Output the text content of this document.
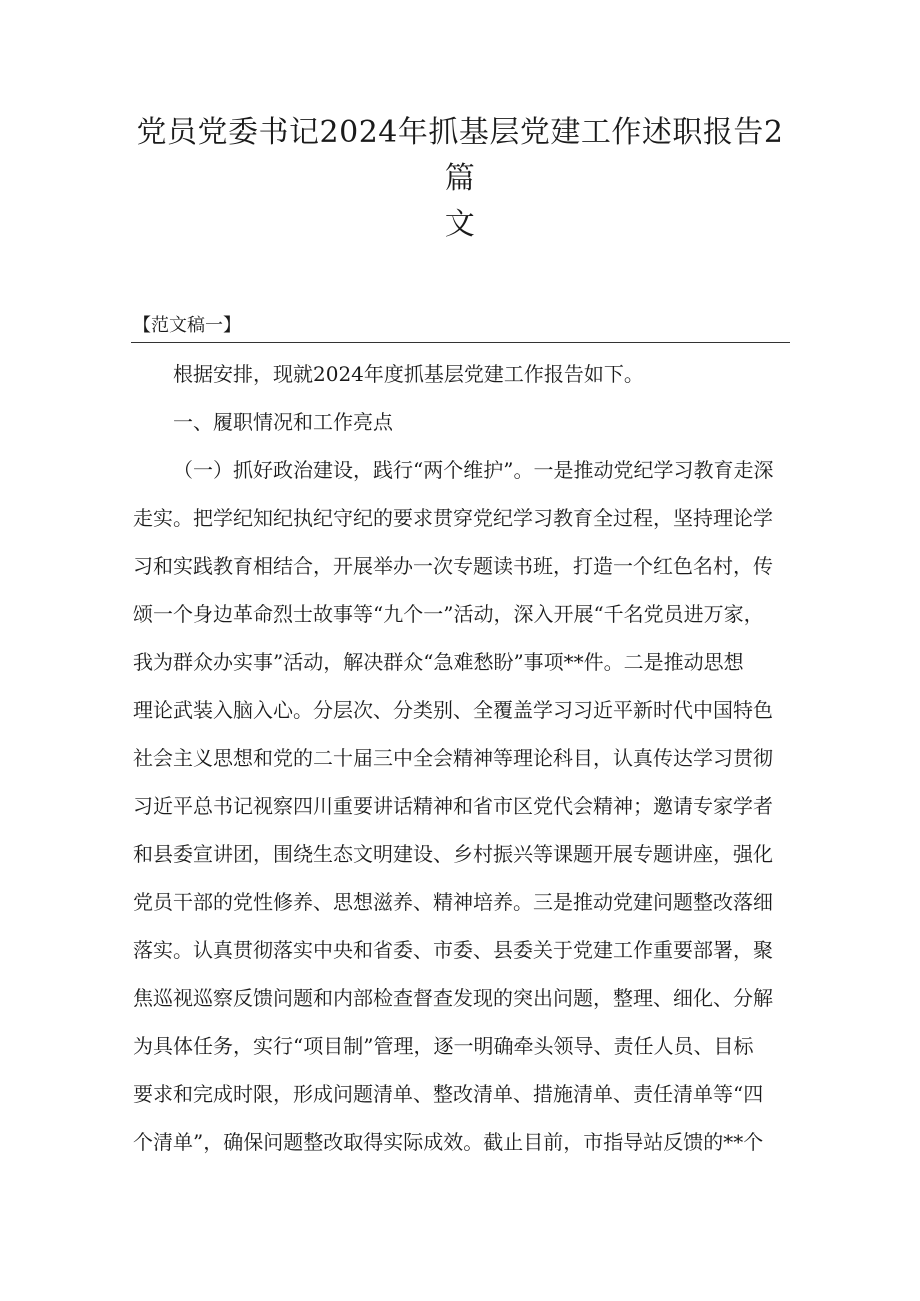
党员党委书记2024年抓基层党建工作述职报告2篇
文
【范文稿一】

根据安排，现就2024年度抓基层党建工作报告如下。

一、履职情况和工作亮点

（一）抓好政治建设，践行“两个维护”。一是推动党纪学习教育走深
走实。把学纪知纪执纪守纪的要求贯穿党纪学习教育全过程，坚持理论学
习和实践教育相结合，开展举办一次专题读书班，打造一个红色名村，传
颂一个身边革命烈士故事等“九个一”活动，深入开展“千名党员进万家，
我为群众办实事”活动，解决群众“急难愁盼”事项**件。二是推动思想
理论武装入脑入心。分层次、分类别、全覆盖学习习近平新时代中国特色
社会主义思想和党的二十届三中全会精神等理论科目，认真传达学习贯彻
习近平总书记视察四川重要讲话精神和省市区党代会精神；邀请专家学者
和县委宣讲团，围绕生态文明建设、乡村振兴等课题开展专题讲座，强化
党员干部的党性修养、思想滋养、精神培养。三是推动党建问题整改落细
落实。认真贯彻落实中央和省委、市委、县委关于党建工作重要部署，聚
焦巡视巡察反馈问题和内部检查督查发现的突出问题，整理、细化、分解
为具体任务，实行“项目制”管理，逐一明确牵头领导、责任人员、目标
要求和完成时限，形成问题清单、整改清单、措施清单、责任清单等“四
个清单”，确保问题整改取得实际成效。截止目前，市指导站反馈的**个
